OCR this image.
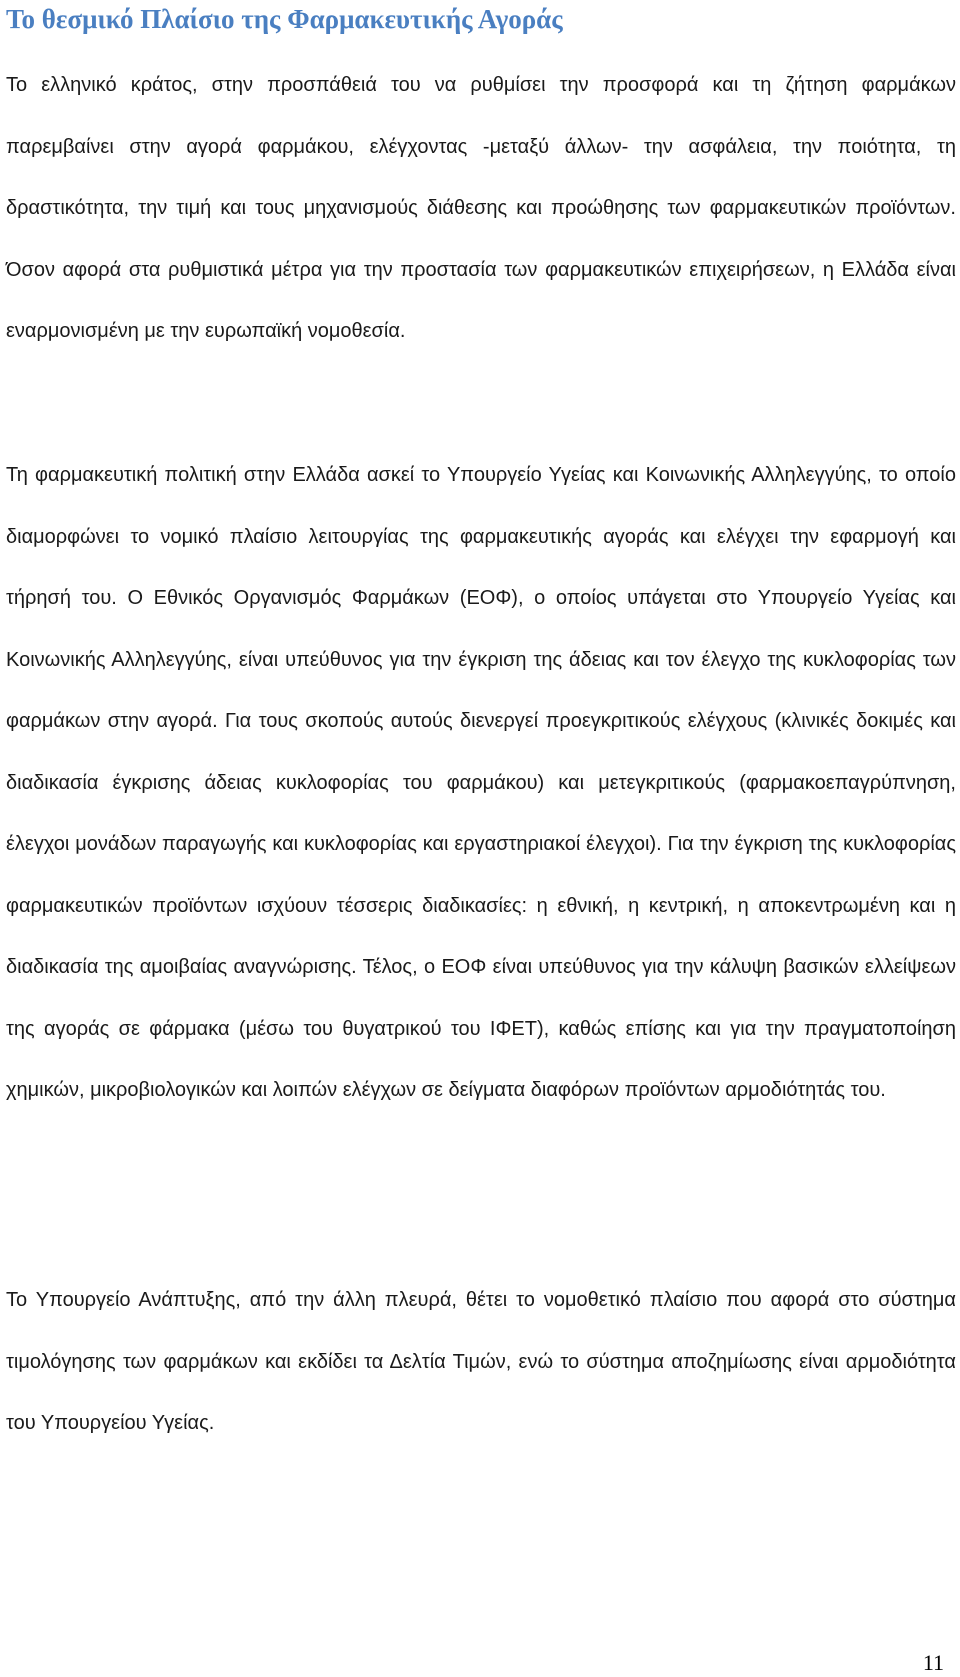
Το θεσμικό Πλαίσιο της Φαρμακευτικής Αγοράς

Το ελληνικό κράτος, στην προσπάθειά του να ρυθμίσει την προσφορά και τη ζήτηση φαρμάκων παρεμβαίνει στην αγορά φαρμάκου, ελέγχοντας -μεταξύ άλλων- την ασφάλεια, την ποιότητα, τη δραστικότητα, την τιμή και τους μηχανισμούς διάθεσης και προώθησης των φαρμακευτικών προϊόντων. Όσον αφορά στα ρυθμιστικά μέτρα για την προστασία των φαρμακευτικών επιχειρήσεων, η Ελλάδα είναι εναρμονισμένη με την ευρωπαϊκή νομοθεσία.

Τη φαρμακευτική πολιτική στην Ελλάδα ασκεί το Υπουργείο Υγείας και Κοινωνικής Αλληλεγγύης, το οποίο διαμορφώνει το νομικό πλαίσιο λειτουργίας της φαρμακευτικής αγοράς και ελέγχει την εφαρμογή και τήρησή του. Ο Εθνικός Οργανισμός Φαρμάκων (ΕΟΦ), ο οποίος υπάγεται στο Υπουργείο Υγείας και Κοινωνικής Αλληλεγγύης, είναι υπεύθυνος για την έγκριση της άδειας και τον έλεγχο της κυκλοφορίας των φαρμάκων στην αγορά. Για τους σκοπούς αυτούς διενεργεί προεγκριτικούς ελέγχους (κλινικές δοκιμές και διαδικασία έγκρισης άδειας κυκλοφορίας του φαρμάκου) και μετεγκριτικούς (φαρμακοεπαγρύπνηση, έλεγχοι μονάδων παραγωγής και κυκλοφορίας και εργαστηριακοί έλεγχοι). Για την έγκριση της κυκλοφορίας φαρμακευτικών προϊόντων ισχύουν τέσσερις διαδικασίες: η εθνική, η κεντρική, η αποκεντρωμένη και η διαδικασία της αμοιβαίας αναγνώρισης. Τέλος, ο ΕΟΦ είναι υπεύθυνος για την κάλυψη βασικών ελλείψεων της αγοράς σε φάρμακα (μέσω του θυγατρικού του ΙΦΕΤ), καθώς επίσης και για την πραγματοποίηση χημικών, μικροβιολογικών και λοιπών ελέγχων σε δείγματα διαφόρων προϊόντων αρμοδιότητάς του.

Το Υπουργείο Ανάπτυξης, από την άλλη πλευρά, θέτει το νομοθετικό πλαίσιο που αφορά στο σύστημα τιμολόγησης των φαρμάκων και εκδίδει τα Δελτία Τιμών, ενώ το σύστημα αποζημίωσης είναι αρμοδιότητα του Υπουργείου Υγείας.

11
